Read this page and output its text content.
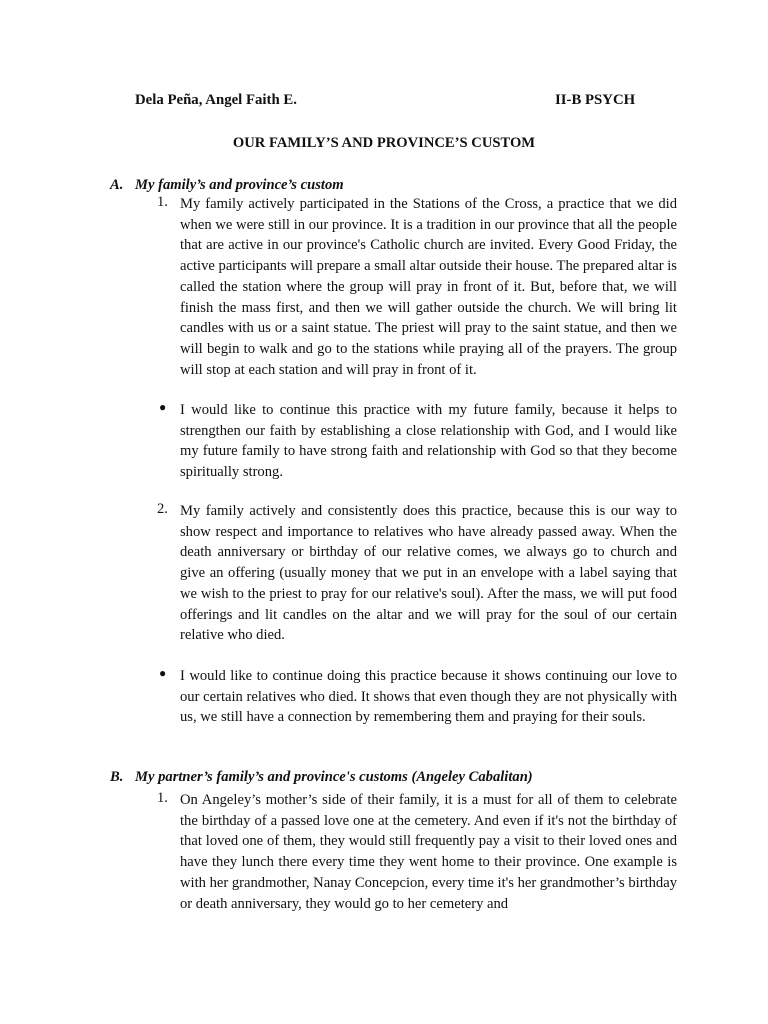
Dela Peña, Angel Faith E.	II-B PSYCH
OUR FAMILY’S AND PROVINCE’S CUSTOM
A. My family’s and province’s custom
1. My family actively participated in the Stations of the Cross, a practice that we did when we were still in our province. It is a tradition in our province that all the people that are active in our province's Catholic church are invited. Every Good Friday, the active participants will prepare a small altar outside their house. The prepared altar is called the station where the group will pray in front of it. But, before that, we will finish the mass first, and then we will gather outside the church. We will bring lit candles with us or a saint statue. The priest will pray to the saint statue, and then we will begin to walk and go to the stations while praying all of the prayers. The group will stop at each station and will pray in front of it.
● I would like to continue this practice with my future family, because it helps to strengthen our faith by establishing a close relationship with God, and I would like my future family to have strong faith and relationship with God so that they become spiritually strong.
2. My family actively and consistently does this practice, because this is our way to show respect and importance to relatives who have already passed away. When the death anniversary or birthday of our relative comes, we always go to church and give an offering (usually money that we put in an envelope with a label saying that we wish to the priest to pray for our relative's soul). After the mass, we will put food offerings and lit candles on the altar and we will pray for the soul of our certain relative who died.
● I would like to continue doing this practice because it shows continuing our love to our certain relatives who died. It shows that even though they are not physically with us, we still have a connection by remembering them and praying for their souls.
B. My partner’s family’s and province's customs (Angeley Cabalitan)
1. On Angeley’s mother’s side of their family, it is a must for all of them to celebrate the birthday of a passed love one at the cemetery. And even if it's not the birthday of that loved one of them, they would still frequently pay a visit to their loved ones and have they lunch there every time they went home to their province. One example is with her grandmother, Nanay Concepcion, every time it's her grandmother’s birthday or death anniversary, they would go to her cemetery and
